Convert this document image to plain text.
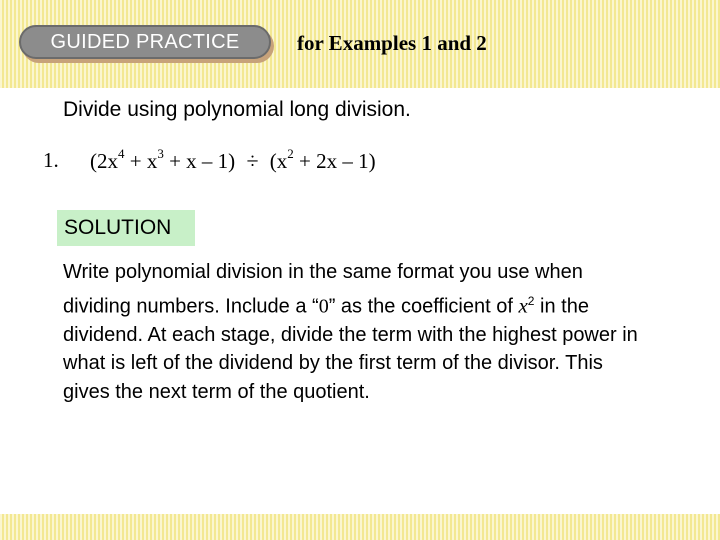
GUIDED PRACTICE	for Examples 1 and 2
Divide using polynomial long division.
1. $(2x^4 + x^3 + x - 1) \div (x^2 + 2x - 1)$
SOLUTION
Write polynomial division in the same format you use when dividing numbers. Include a “0” as the coefficient of $x^2$ in the dividend. At each stage, divide the term with the highest power in what is left of the dividend by the first term of the divisor. This gives the next term of the quotient.
